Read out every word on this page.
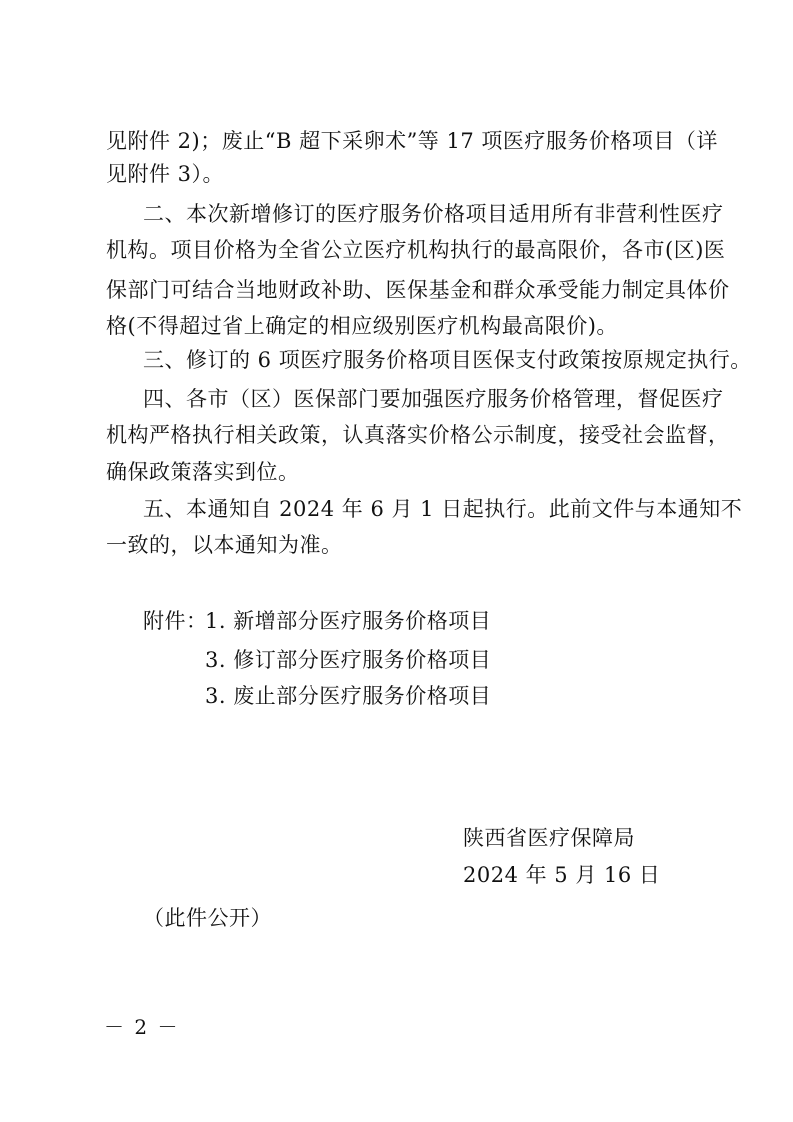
见附件 2)；废止“B 超下采卵术”等 17 项医疗服务价格项目（详
见附件 3）。
二、本次新增修订的医疗服务价格项目适用所有非营利性医疗
机构。项目价格为全省公立医疗机构执行的最高限价，各市(区)医
保部门可结合当地财政补助、医保基金和群众承受能力制定具体价
格(不得超过省上确定的相应级别医疗机构最高限价)。
三、修订的 6 项医疗服务价格项目医保支付政策按原规定执行。
四、各市（区）医保部门要加强医疗服务价格管理，督促医疗
机构严格执行相关政策，认真落实价格公示制度，接受社会监督，
确保政策落实到位。
五、本通知自 2024 年 6 月 1 日起执行。此前文件与本通知不
一致的，以本通知为准。
附件：
1. 新增部分医疗服务价格项目
3. 修订部分医疗服务价格项目
3. 废止部分医疗服务价格项目
陕西省医疗保障局
2024 年 5 月 16 日
（此件公开）
－ 2 －
